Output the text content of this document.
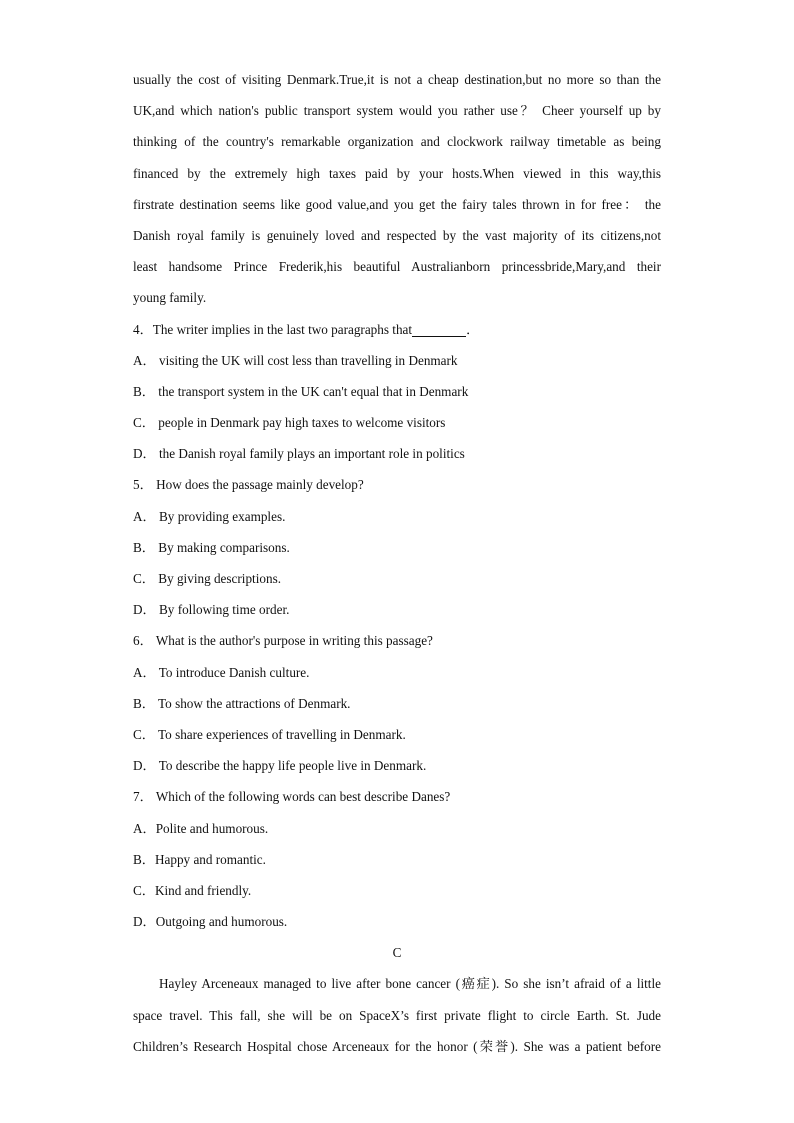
usually the cost of visiting Denmark.True,it is not a cheap destination,but no more so than the
UK,and which nation's public transport system would you rather use？ Cheer yourself up by
thinking of the country's remarkable organization and clockwork railway timetable as being
financed by the extremely high taxes paid by your hosts.When viewed in this way,this
firstrate destination seems like good value,and you get the fairy tales thrown in for free： the
Danish royal family is genuinely loved and respected by the vast majority of its citizens,not
least handsome Prince Frederik,his beautiful Australianborn princessbride,Mary,and their
young family.
4．The writer implies in the last two paragraphs that	．
A． visiting the UK will cost less than travelling in Denmark
B． the transport system in the UK can't equal that in Denmark
C． people in Denmark pay high taxes to welcome visitors
D． the Danish royal family plays an important role in politics
5． How does the passage mainly develop?
A． By providing examples.
B． By making comparisons.
C． By giving descriptions.
D． By following time order.
6． What is the author's purpose in writing this passage?
A． To introduce Danish culture.
B． To show the attractions of Denmark.
C． To share experiences of travelling in Denmark.
D． To describe the happy life people live in Denmark.
7． Which of the following words can best describe Danes?
A．Polite and humorous.
B．Happy and romantic.
C．Kind and friendly.
D．Outgoing and humorous.
C
Hayley Arceneaux managed to live after bone cancer (癌症). So she isn’t afraid of a little
space travel. This fall, she will be on SpaceX’s first private flight to circle Earth. St. Jude
Children’s Research Hospital chose Arceneaux for the honor (荣誉). She was a patient before
